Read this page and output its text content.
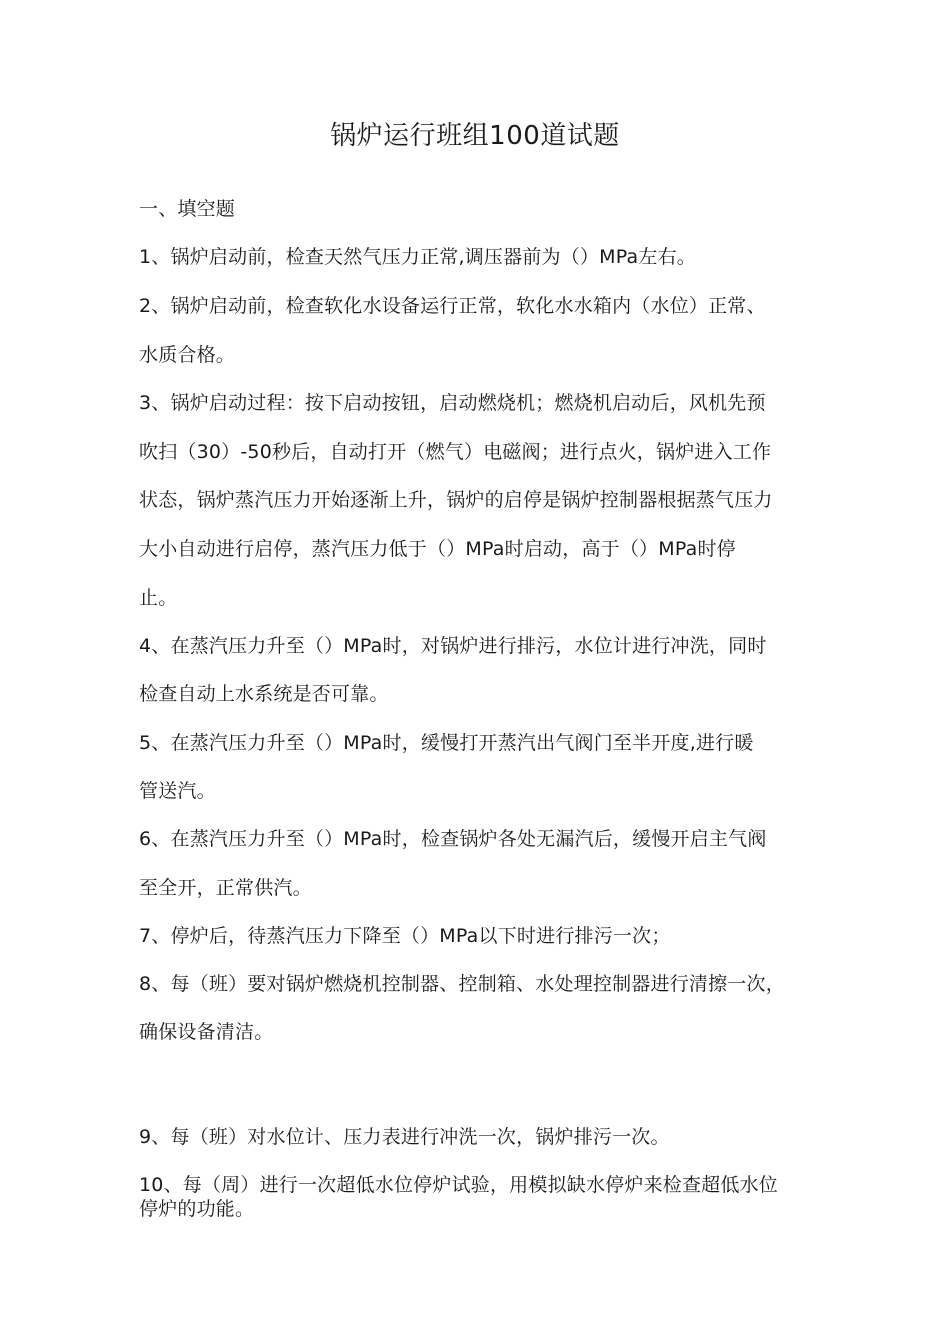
锅炉运行班组100道试题
一、填空题
1、锅炉启动前，检查天然气压力正常,调压器前为（）MPa左右。
2、锅炉启动前，检查软化水设备运行正常，软化水水箱内（水位）正常、
水质合格。
3、锅炉启动过程：按下启动按钮，启动燃烧机；燃烧机启动后，风机先预
吹扫（30）-50秒后，自动打开（燃气）电磁阀；进行点火，锅炉进入工作
状态，锅炉蒸汽压力开始逐渐上升，锅炉的启停是锅炉控制器根据蒸气压力
大小自动进行启停，蒸汽压力低于（）MPa时启动，高于（）MPa时停
止。
4、在蒸汽压力升至（）MPa时，对锅炉进行排污，水位计进行冲洗，同时
检查自动上水系统是否可靠。
5、在蒸汽压力升至（）MPa时，缓慢打开蒸汽出气阀门至半开度,进行暖
管送汽。
6、在蒸汽压力升至（）MPa时，检查锅炉各处无漏汽后，缓慢开启主气阀
至全开，正常供汽。
7、停炉后，待蒸汽压力下降至（）MPa以下时进行排污一次；
8、每（班）要对锅炉燃烧机控制器、控制箱、水处理控制器进行清擦一次，
确保设备清洁。
9、每（班）对水位计、压力表进行冲洗一次，锅炉排污一次。
10、每（周）进行一次超低水位停炉试验，用模拟缺水停炉来检查超低水位
停炉的功能。
